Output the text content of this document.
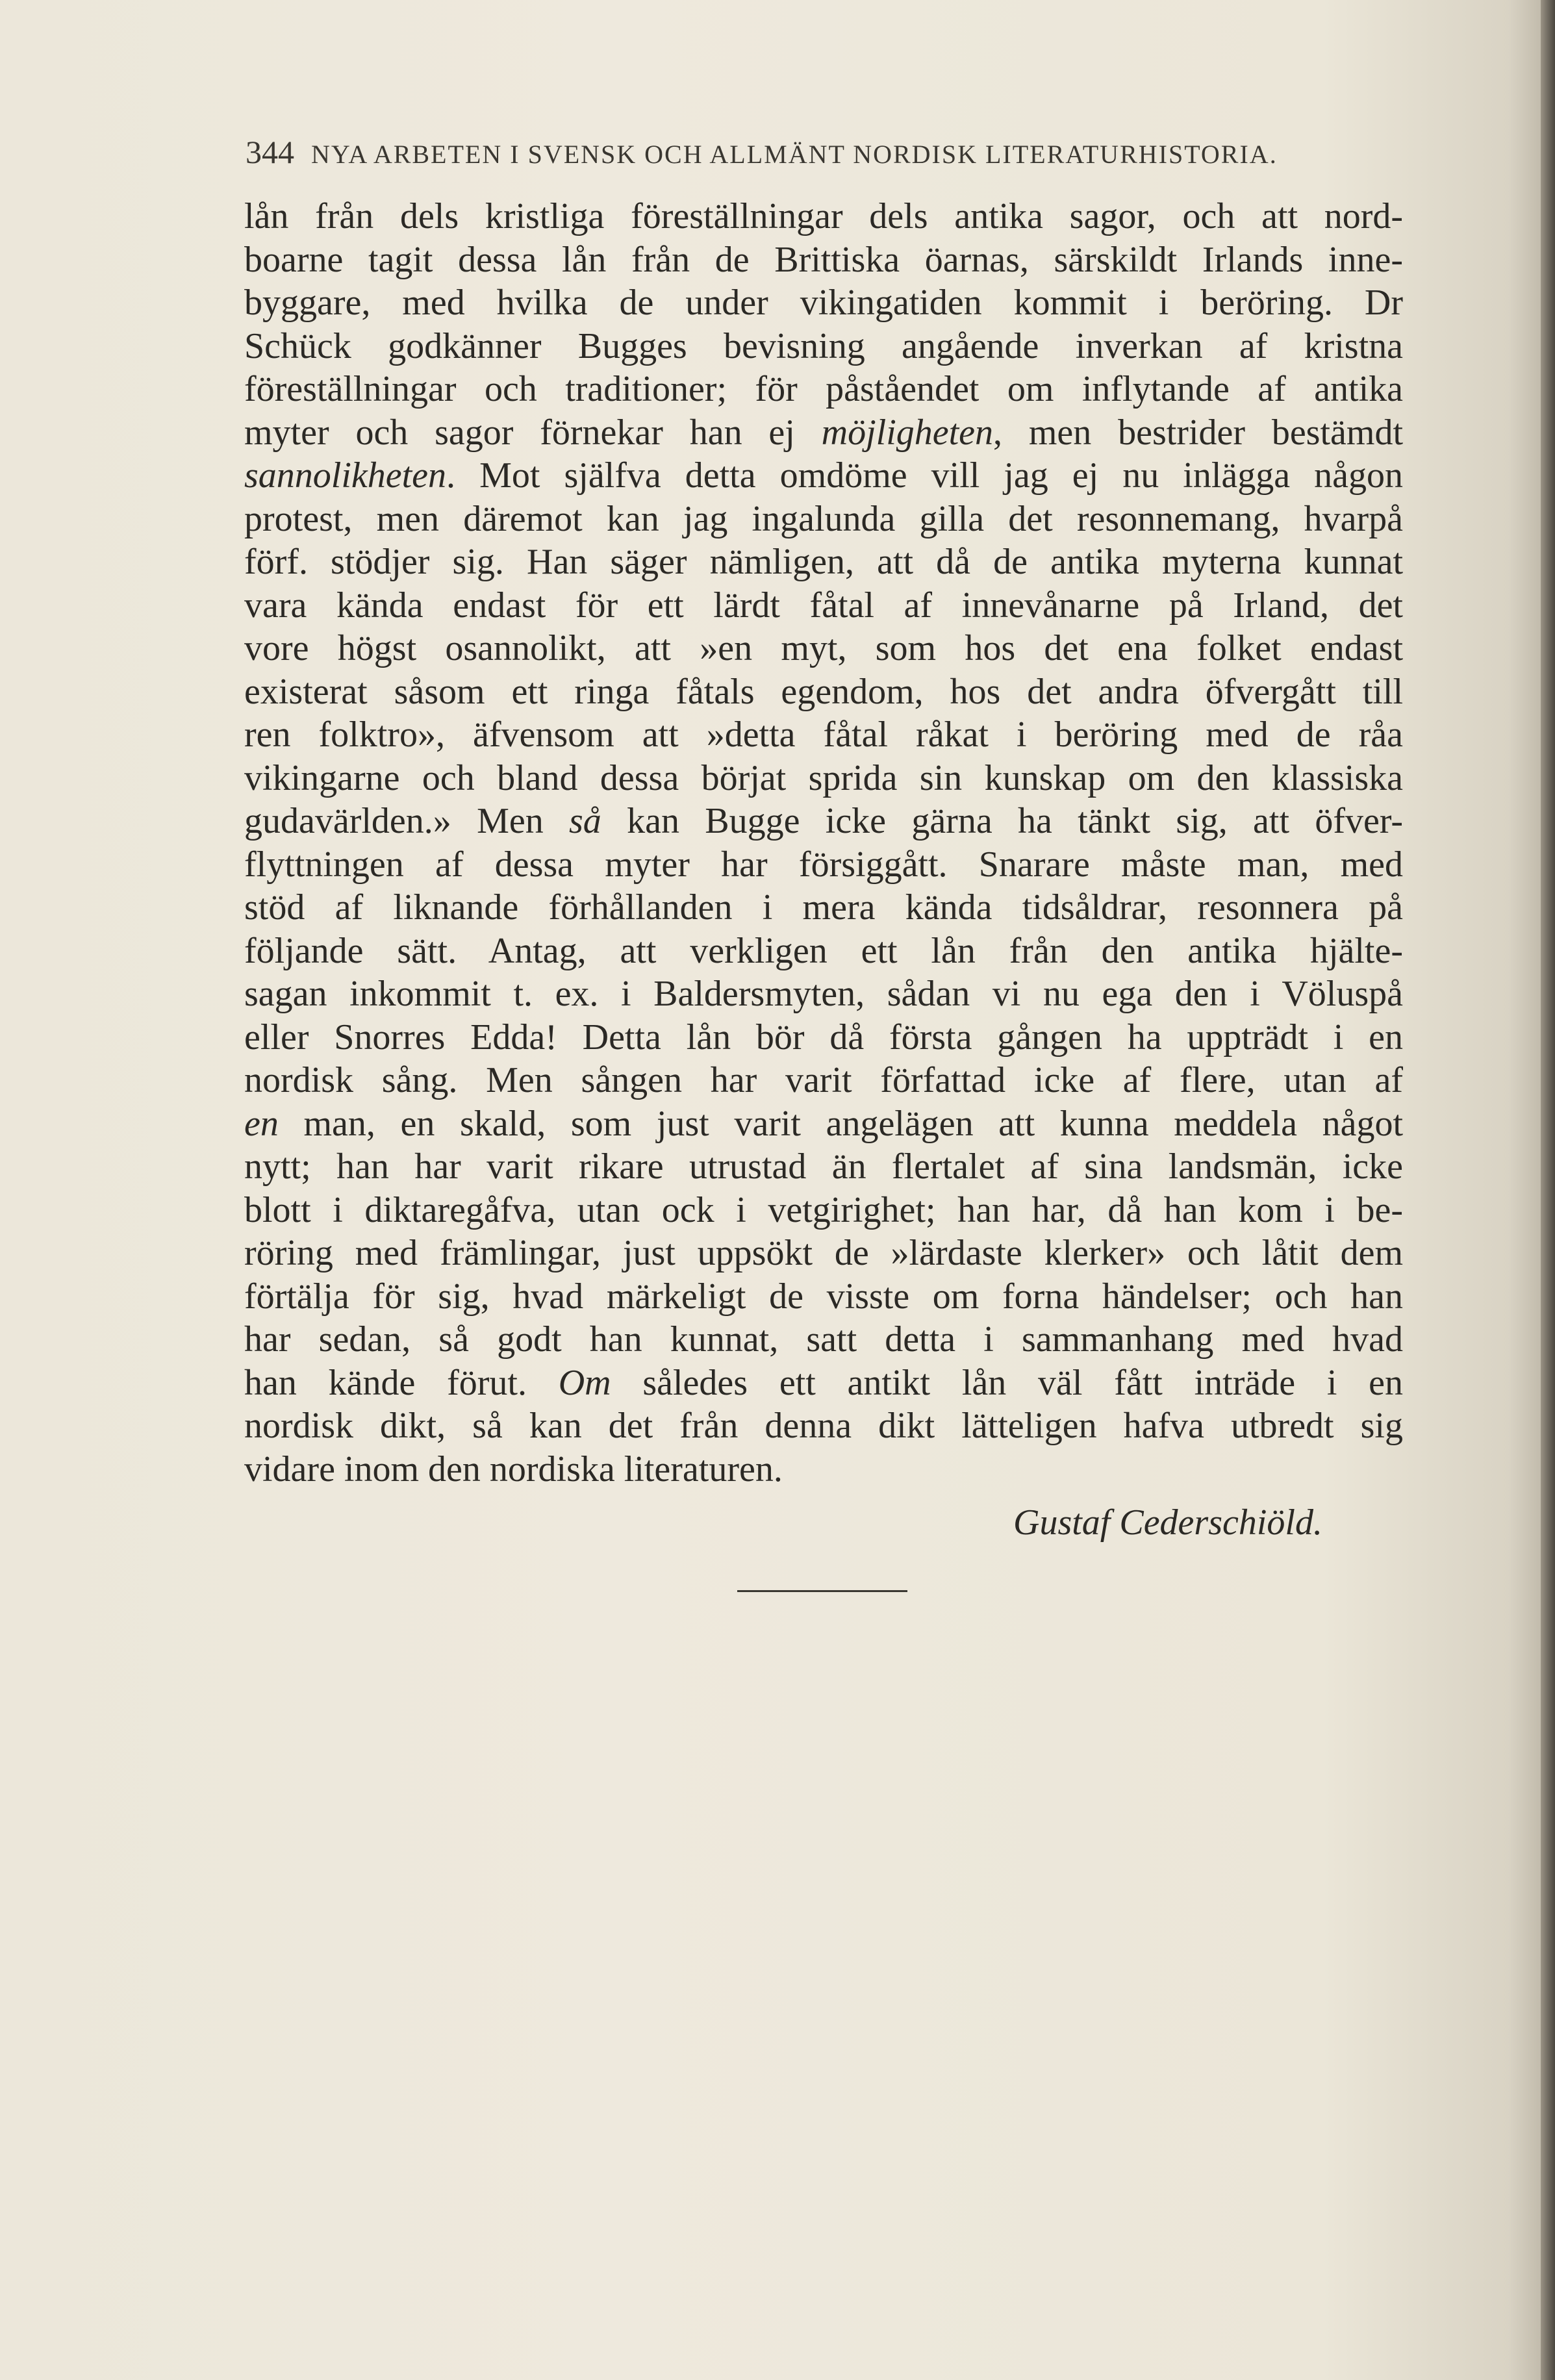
344 NYA ARBETEN I SVENSK OCH ALLMÄNT NORDISK LITERATURHISTORIA.
lån från dels kristliga föreställningar dels antika sagor, och att nord-
boarne tagit dessa lån från de Brittiska öarnas, särskildt Irlands inne-
byggare, med hvilka de under vikingatiden kommit i beröring. Dr
Schück godkänner Bugges bevisning angående inverkan af kristna
föreställningar och traditioner; för påståendet om inflytande af antika
myter och sagor förnekar han ej möjligheten, men bestrider bestämdt
sannolikheten. Mot själfva detta omdöme vill jag ej nu inlägga någon
protest, men däremot kan jag ingalunda gilla det resonnemang, hvarpå
förf. stödjer sig. Han säger nämligen, att då de antika myterna kunnat
vara kända endast för ett lärdt fåtal af innevånarne på Irland, det
vore högst osannolikt, att »en myt, som hos det ena folket endast
existerat såsom ett ringa fåtals egendom, hos det andra öfvergått till
ren folktro», äfvensom att »detta fåtal råkat i beröring med de råa
vikingarne och bland dessa börjat sprida sin kunskap om den klassiska
gudavärlden.» Men så kan Bugge icke gärna ha tänkt sig, att öfver-
flyttningen af dessa myter har försiggått. Snarare måste man, med
stöd af liknande förhållanden i mera kända tidsåldrar, resonnera på
följande sätt. Antag, att verkligen ett lån från den antika hjälte-
sagan inkommit t. ex. i Baldersmyten, sådan vi nu ega den i Völuspå
eller Snorres Edda! Detta lån bör då första gången ha uppträdt i en
nordisk sång. Men sången har varit författad icke af flere, utan af
en man, en skald, som just varit angelägen att kunna meddela något
nytt; han har varit rikare utrustad än flertalet af sina landsmän, icke
blott i diktaregåfva, utan ock i vetgirighet; han har, då han kom i be-
röring med främlingar, just uppsökt de »lärdaste klerker» och låtit dem
förtälja för sig, hvad märkeligt de visste om forna händelser; och han
har sedan, så godt han kunnat, satt detta i sammanhang med hvad
han kände förut. Om således ett antikt lån väl fått inträde i en
nordisk dikt, så kan det från denna dikt lätteligen hafva utbredt sig
vidare inom den nordiska literaturen.
Gustaf Cederschiöld.
